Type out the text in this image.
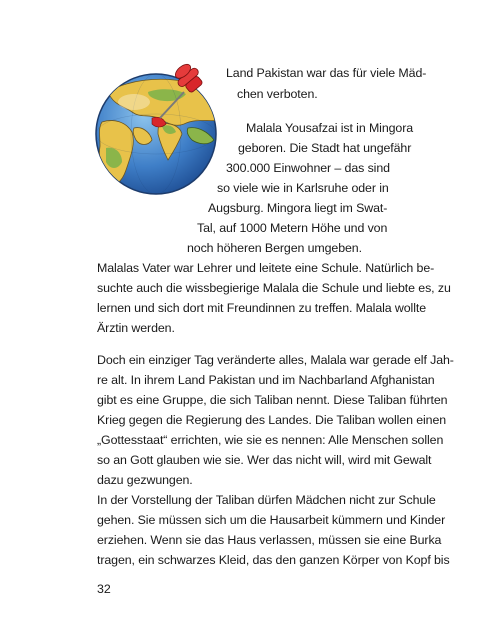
Land Pakistan war das für viele Mäd-
chen verboten.
Malala Yousafzai ist in Mingora
geboren. Die Stadt hat ungefähr
300.000 Einwohner – das sind
so viele wie in Karlsruhe oder in
Augsburg. Mingora liegt im Swat-
Tal, auf 1000 Metern Höhe und von
noch höheren Bergen umgeben.
Malalas Vater war Lehrer und leitete eine Schule. Natürlich be-
suchte auch die wissbegierige Malala die Schule und liebte es, zu
lernen und sich dort mit Freundinnen zu treffen. Malala wollte
Ärztin werden.
Doch ein einziger Tag veränderte alles, Malala war gerade elf Jah-
re alt. In ihrem Land Pakistan und im Nachbarland Afghanistan
gibt es eine Gruppe, die sich Taliban nennt. Diese Taliban führten
Krieg gegen die Regierung des Landes. Die Taliban wollen einen
„Gottesstaat“ errichten, wie sie es nennen: Alle Menschen sollen
so an Gott glauben wie sie. Wer das nicht will, wird mit Gewalt
dazu gezwungen.
In der Vorstellung der Taliban dürfen Mädchen nicht zur Schule
gehen. Sie müssen sich um die Hausarbeit kümmern und Kinder
erziehen. Wenn sie das Haus verlassen, müssen sie eine Burka
tragen, ein schwarzes Kleid, das den ganzen Körper von Kopf bis
32
